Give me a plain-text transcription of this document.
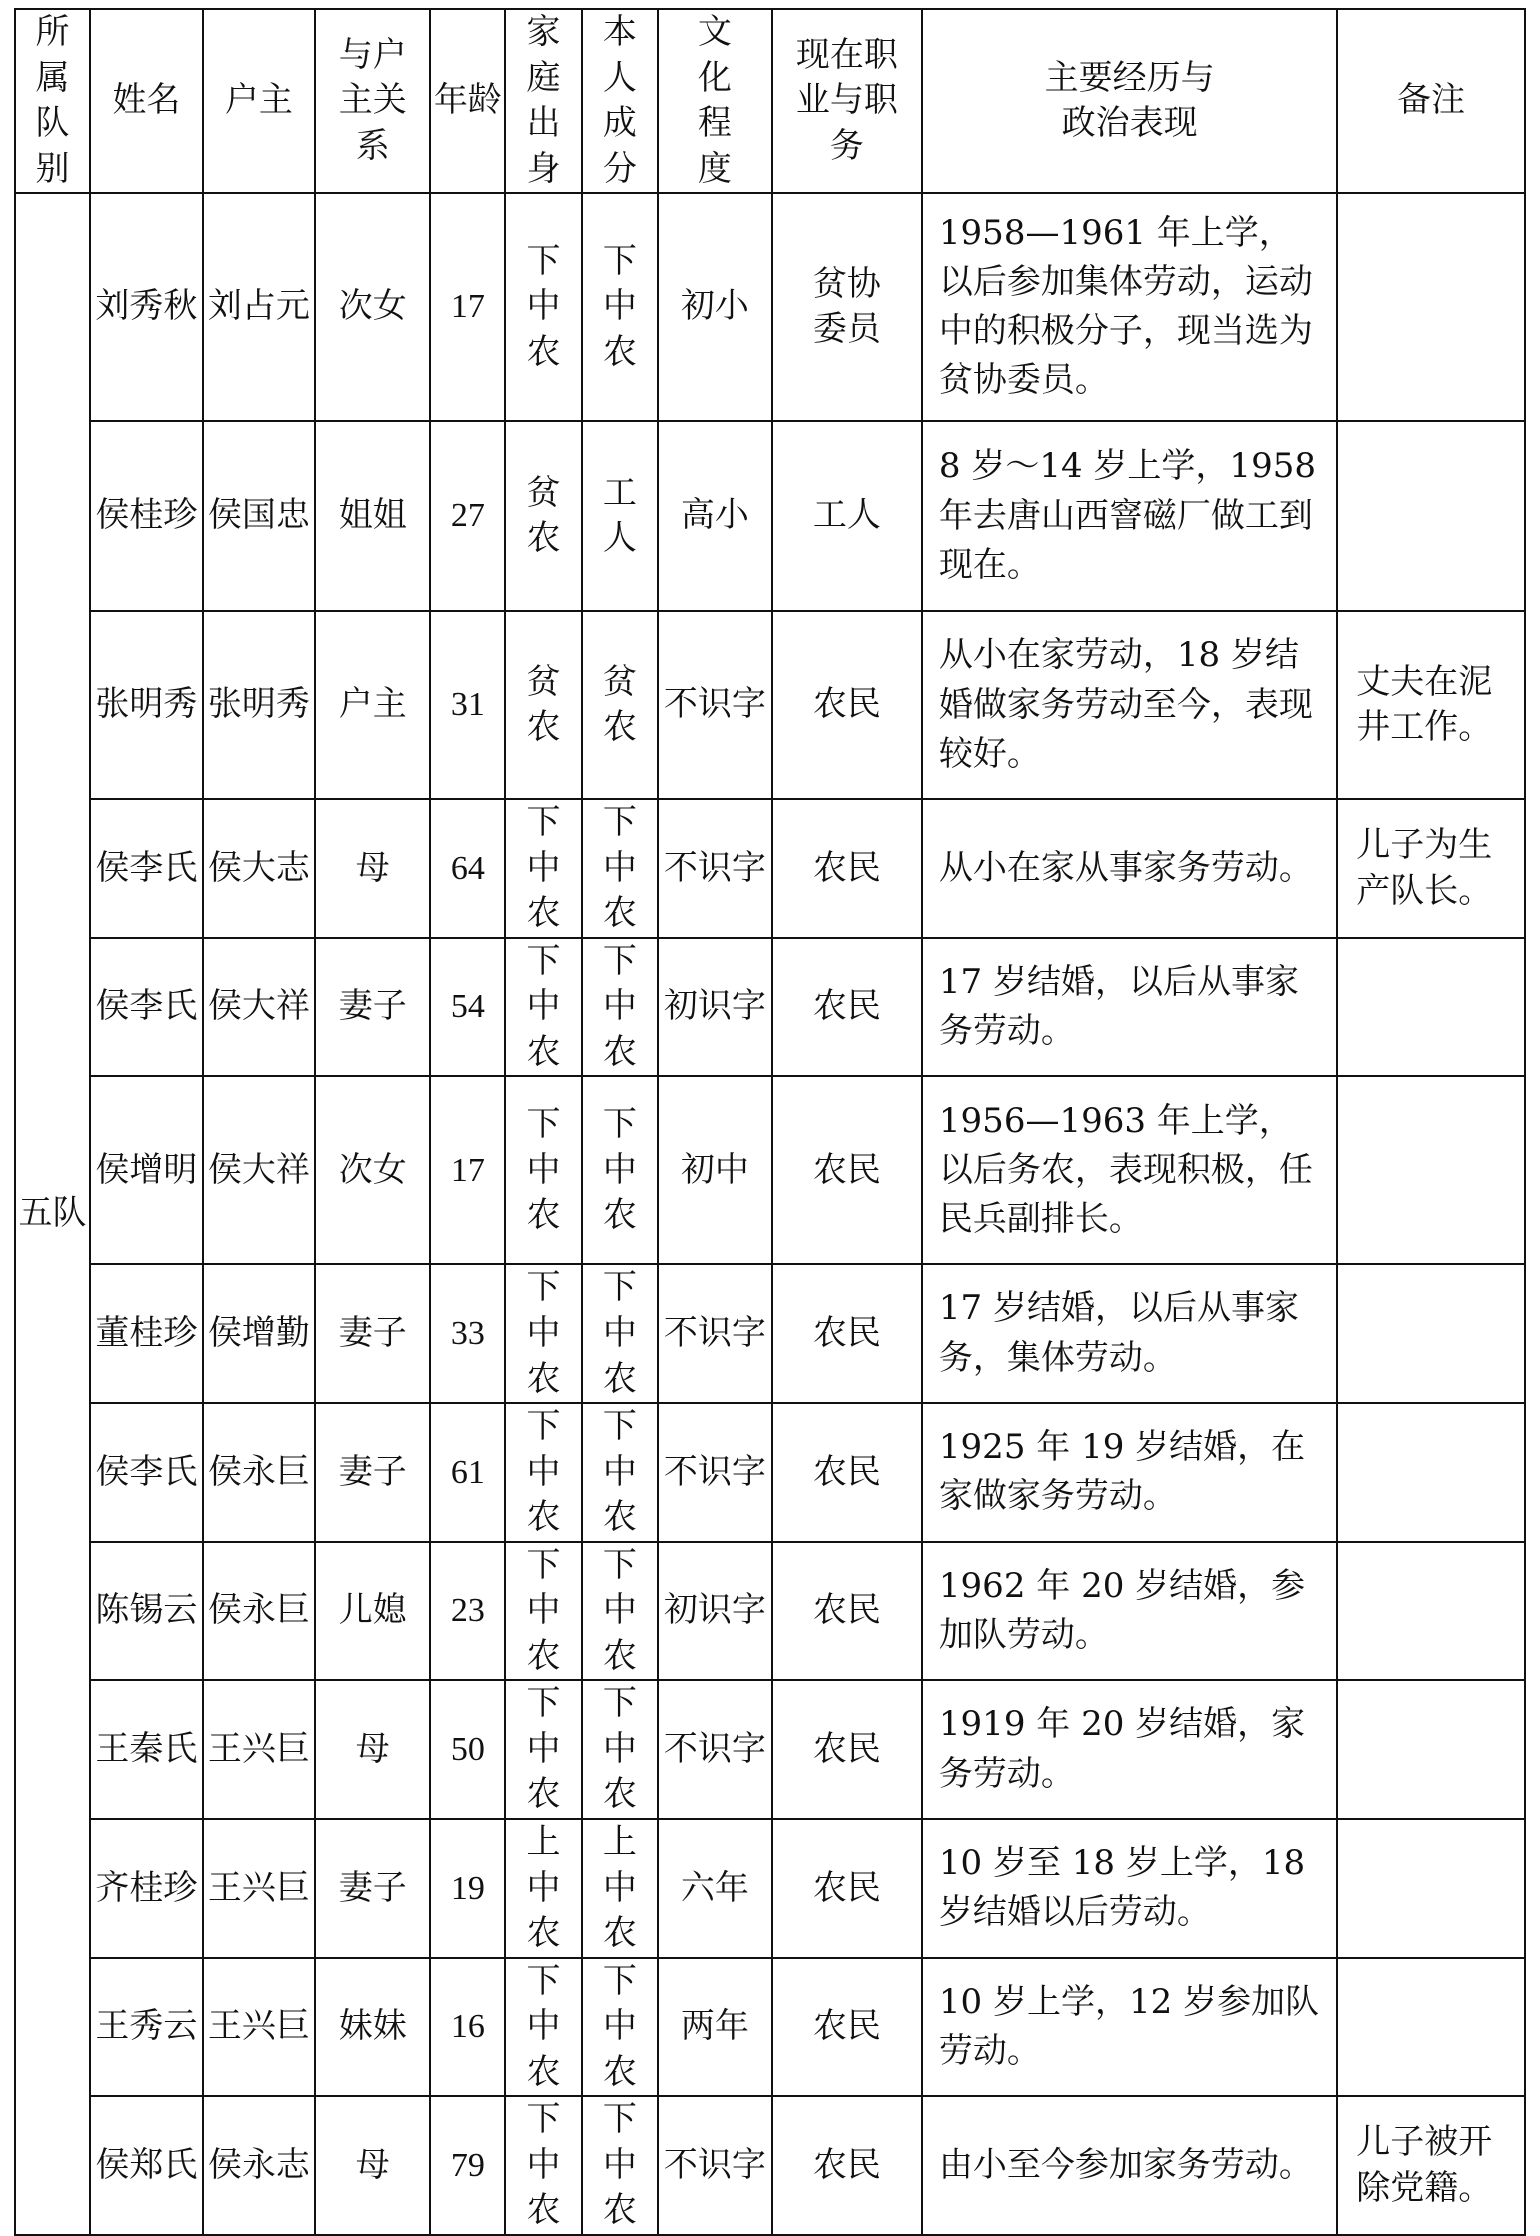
所属队别	姓名	户主	与户主关系	年龄	家庭出身	本人成分	文化程度	现在职业与职务	主要经历与政治表现	备注
五队	刘秀秋	刘占元	次女	17	下中农	下中农	初小	贫协委员	1958—1961 年上学，以后参加集体劳动，运动中的积极分子，现当选为贫协委员。	
	侯桂珍	侯国忠	姐姐	27	贫农	工人	高小	工人	8 岁～14 岁上学，1958 年去唐山西窨磁厂做工到现在。	
	张明秀	张明秀	户主	31	贫农	贫农	不识字	农民	从小在家劳动，18 岁结婚做家务劳动至今，表现较好。	丈夫在泥井工作。
	侯李氏	侯大志	母	64	下中农	下中农	不识字	农民	从小在家从事家务劳动。	儿子为生产队长。
	侯李氏	侯大祥	妻子	54	下中农	下中农	初识字	农民	17 岁结婚，以后从事家务劳动。	
	侯增明	侯大祥	次女	17	下中农	下中农	初中	农民	1956—1963 年上学，以后务农，表现积极，任民兵副排长。	
	董桂珍	侯增勤	妻子	33	下中农	下中农	不识字	农民	17 岁结婚，以后从事家务，集体劳动。	
	侯李氏	侯永巨	妻子	61	下中农	下中农	不识字	农民	1925 年 19 岁结婚，在家做家务劳动。	
	陈锡云	侯永巨	儿媳	23	下中农	下中农	初识字	农民	1962 年 20 岁结婚，参加队劳动。	
	王秦氏	王兴巨	母	50	下中农	下中农	不识字	农民	1919 年 20 岁结婚，家务劳动。	
	齐桂珍	王兴巨	妻子	19	上中农	上中农	六年	农民	10 岁至 18 岁上学，18 岁结婚以后劳动。	
	王秀云	王兴巨	妹妹	16	下中农	下中农	两年	农民	10 岁上学，12 岁参加队劳动。	
	侯郑氏	侯永志	母	79	下中农	下中农	不识字	农民	由小至今参加家务劳动。	儿子被开除党籍。
